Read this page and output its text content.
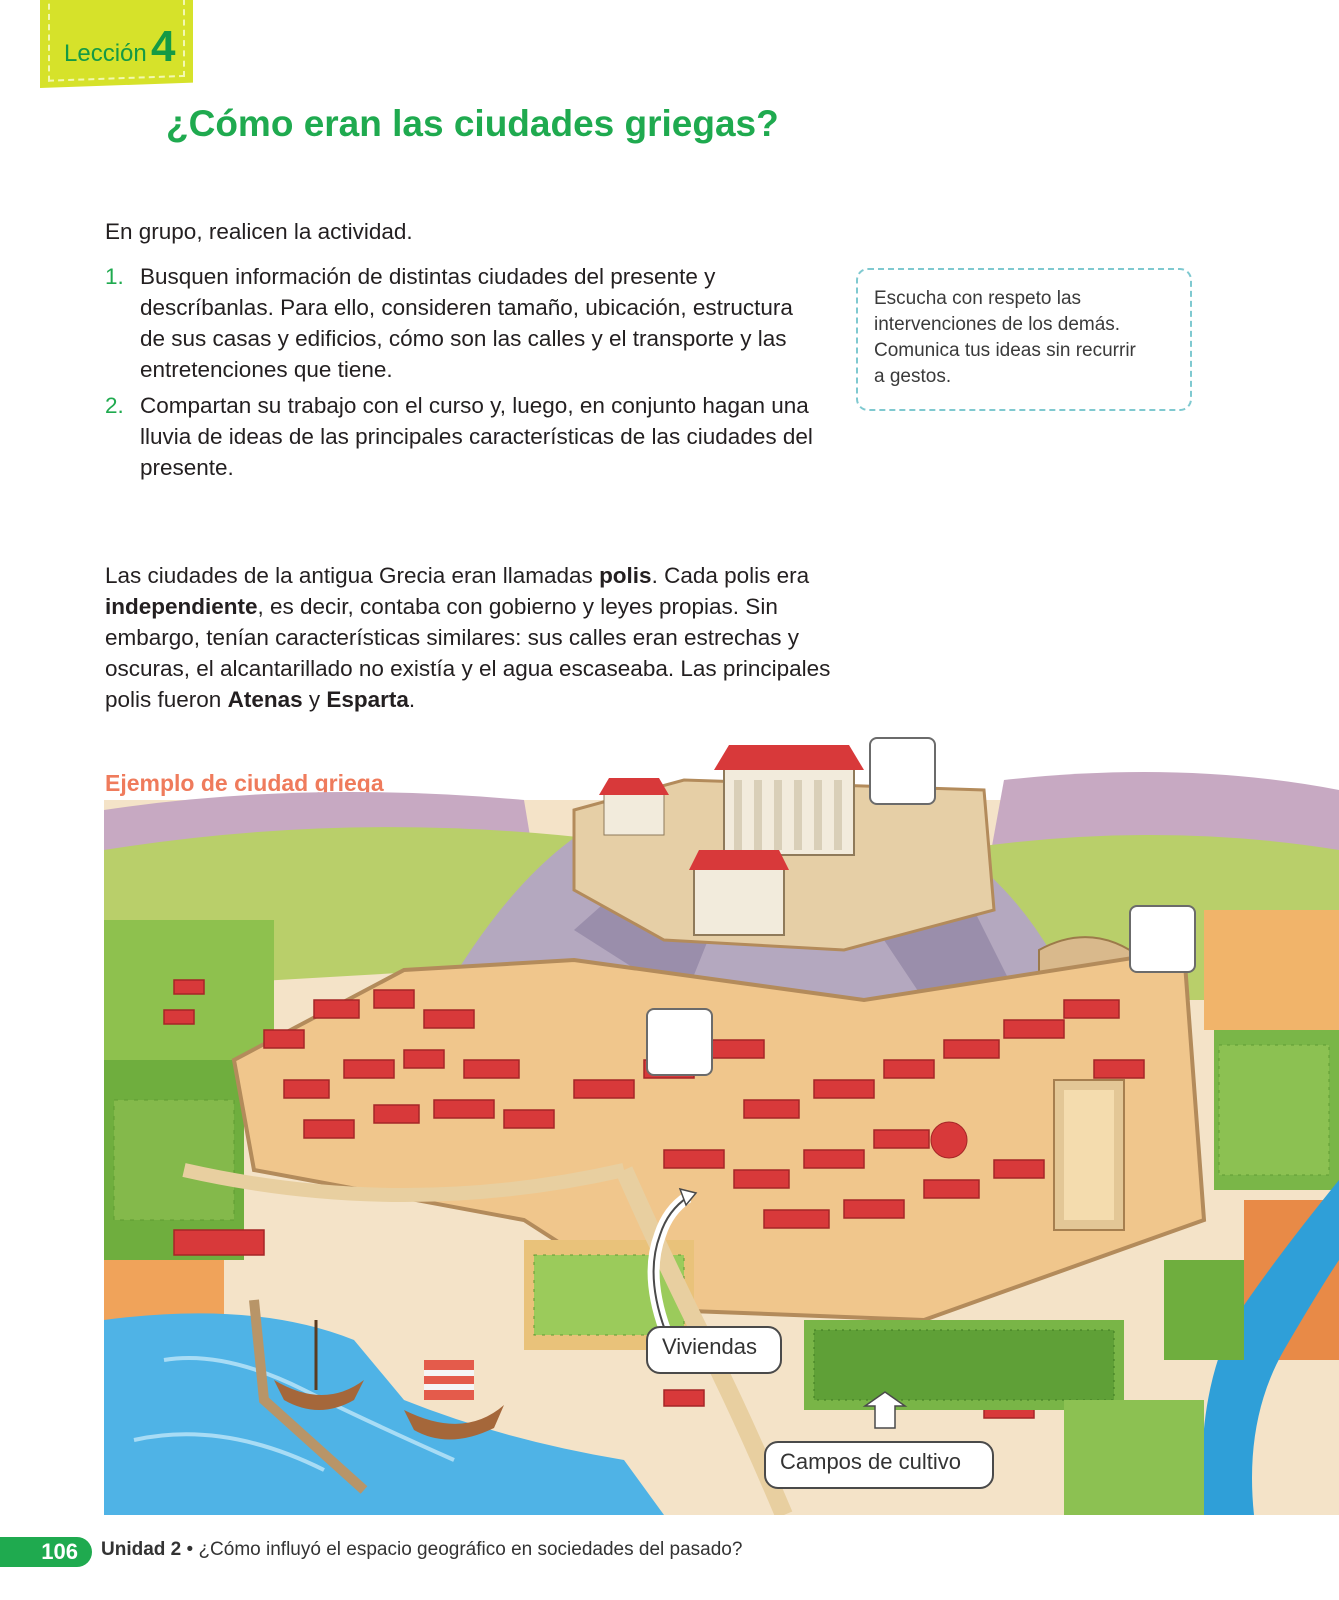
Lección 4
¿Cómo eran las ciudades griegas?

En grupo, realicen la actividad.

1. Busquen información de distintas ciudades del presente y descríbanlas. Para ello, consideren tamaño, ubicación, estructura de sus casas y edificios, cómo son las calles y el transporte y las entretenciones que tiene.
2. Compartan su trabajo con el curso y, luego, en conjunto hagan una lluvia de ideas de las principales características de las ciudades del presente.
Escucha con respeto las
intervenciones de los demás.
Comunica tus ideas sin recurrir
a gestos.

Las ciudades de la antigua Grecia eran llamadas polis. Cada polis era independiente, es decir, contaba con gobierno y leyes propias. Sin embargo, tenían características similares: sus calles eran estrechas y oscuras, el alcantarillado no existía y el agua escaseaba. Las principales polis fueron Atenas y Esparta.

Ejemplo de ciudad griega
Viviendas
Campos de cultivo
106	Unidad 2 • ¿Cómo influyó el espacio geográfico en sociedades del pasado?
